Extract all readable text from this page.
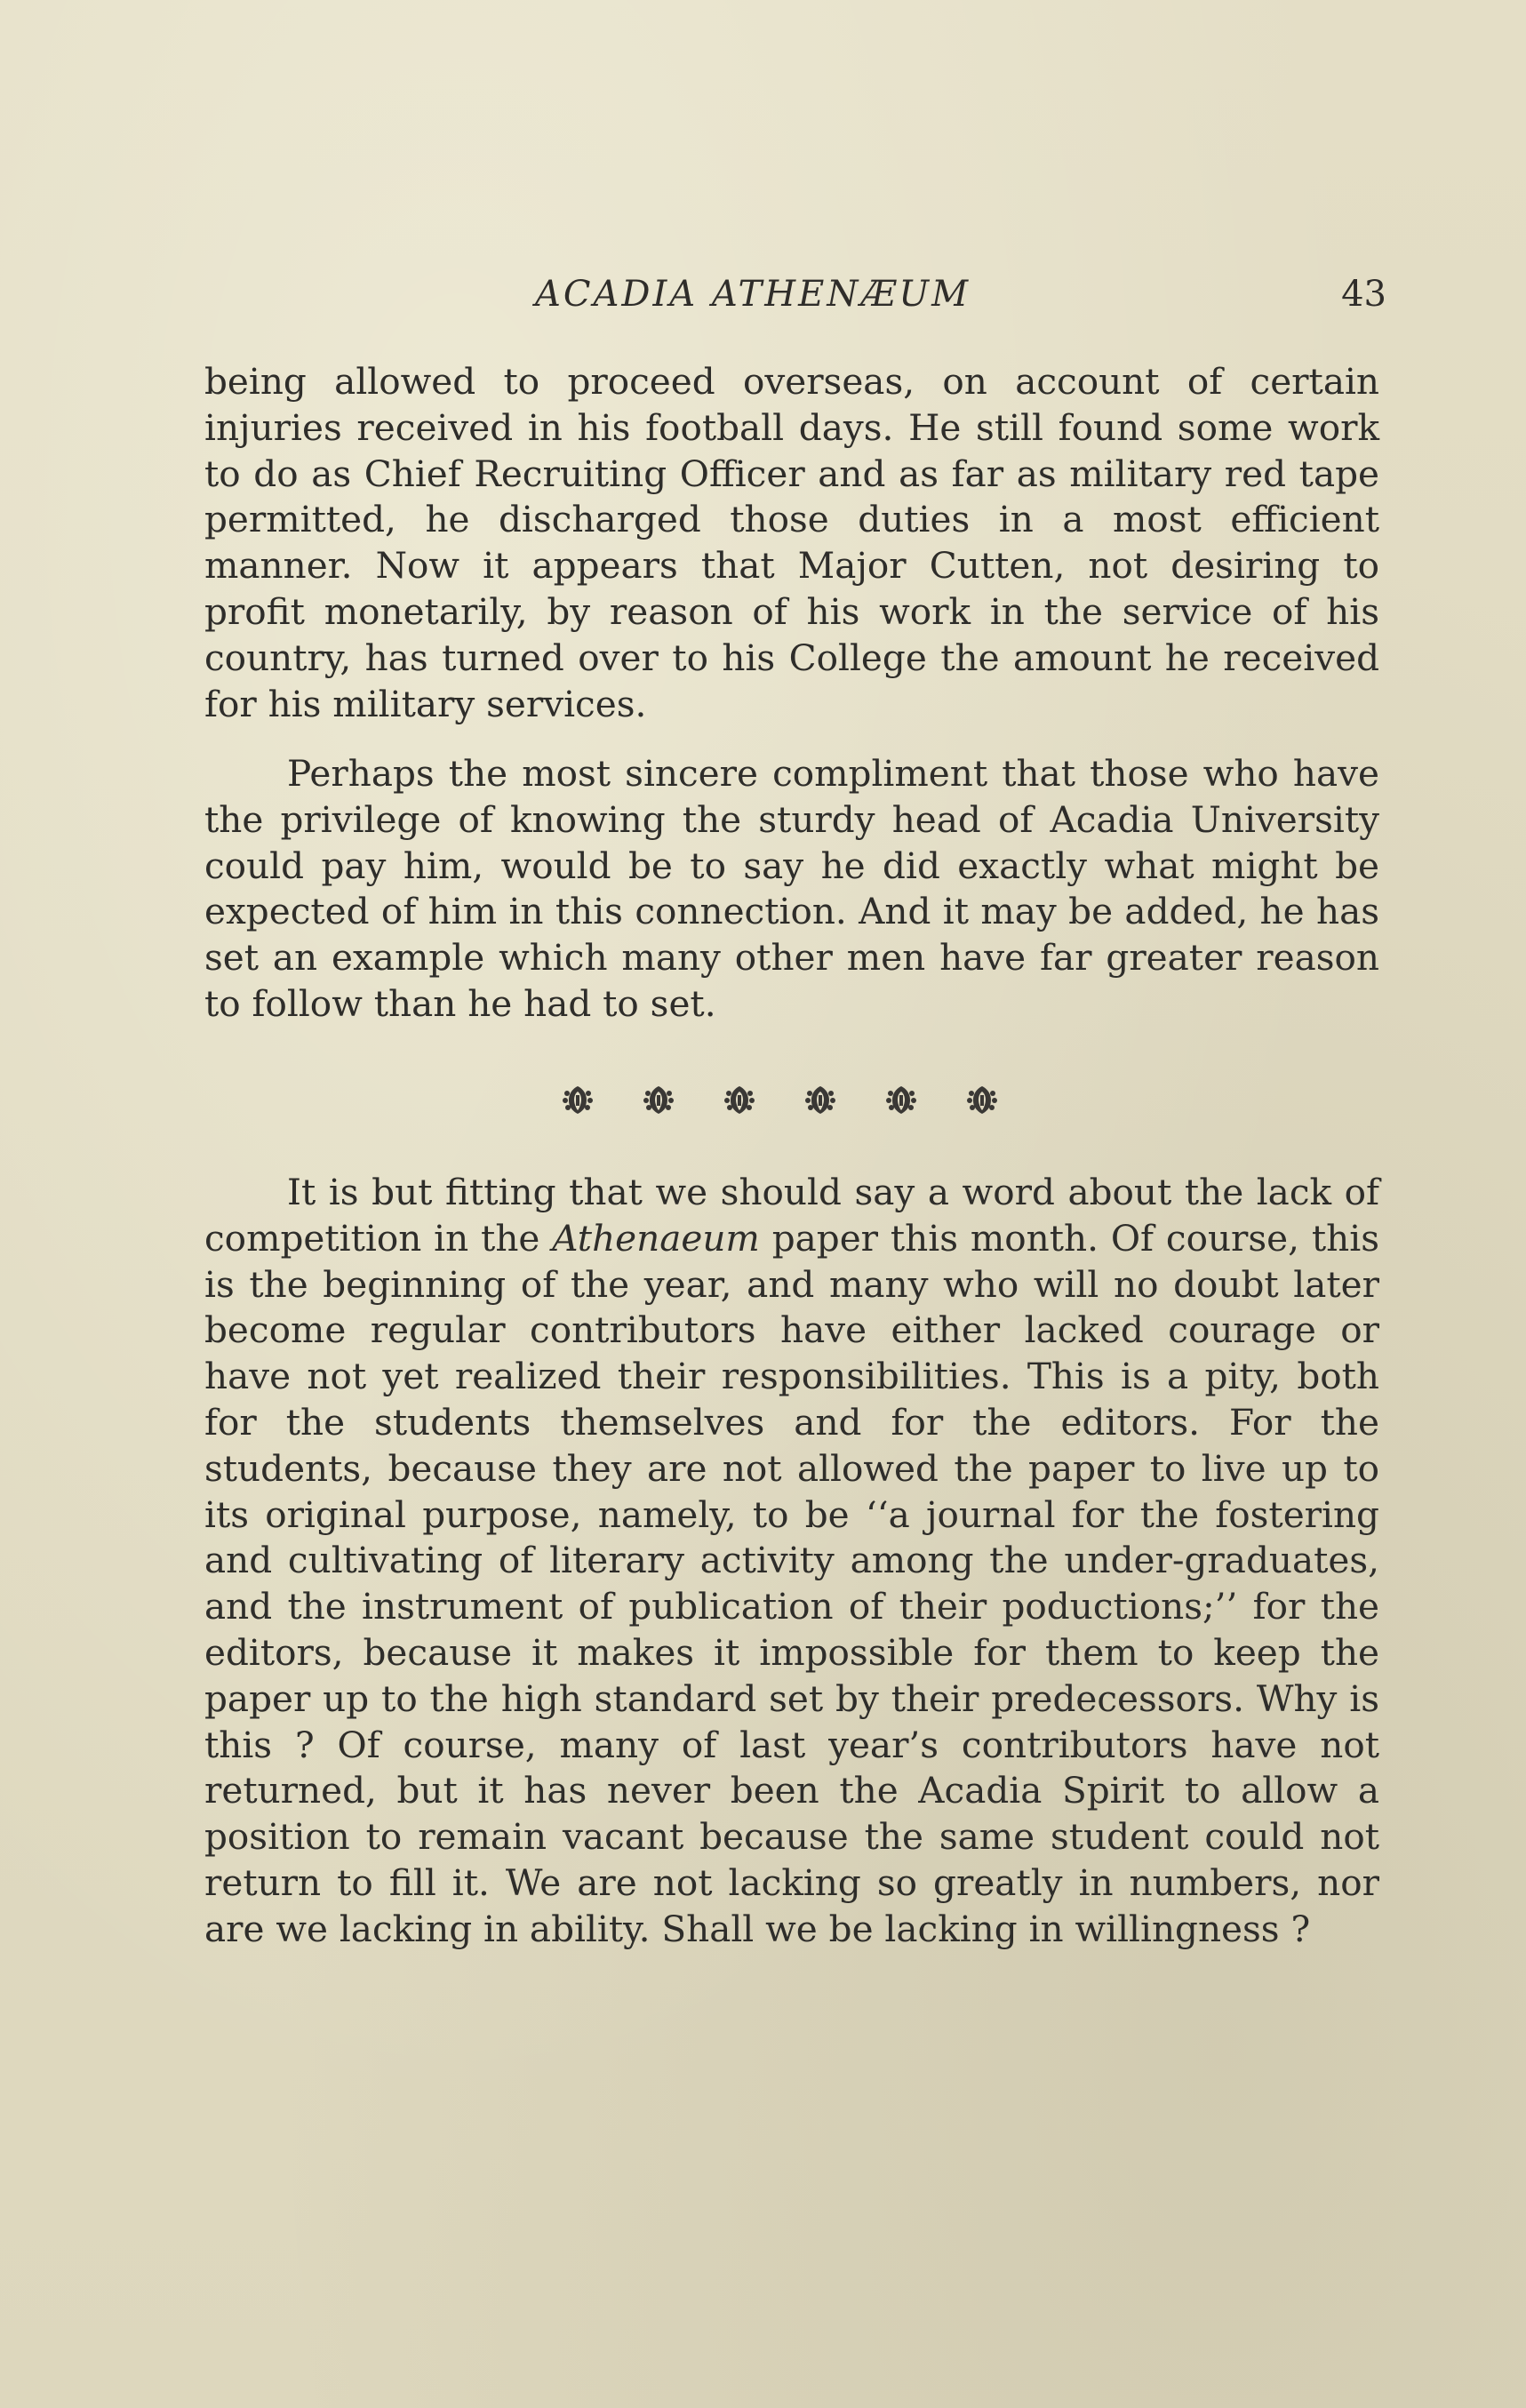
ACADIA ATHENÆUM	43

being allowed to proceed overseas, on account of certain injuries received in his football days. He still found some work to do as Chief Recruiting Officer and as far as military red tape permitted, he discharged those duties in a most efficient manner. Now it appears that Major Cutten, not desiring to profit monetarily, by reason of his work in the service of his country, has turned over to his College the amount he received for his military services.

Perhaps the most sincere compliment that those who have the privilege of knowing the sturdy head of Acadia University could pay him, would be to say he did exactly what might be expected of him in this connection. And it may be added, he has set an example which many other men have far greater reason to follow than he had to set.

It is but fitting that we should say a word about the lack of competition in the Athenaeum paper this month. Of course, this is the beginning of the year, and many who will no doubt later become regular contributors have either lacked courage or have not yet realized their responsibilities. This is a pity, both for the students themselves and for the editors. For the students, because they are not allowed the paper to live up to its original purpose, namely, to be ‘‘a journal for the fostering and cultivating of literary activity among the under-graduates, and the instrument of publication of their poductions;’’ for the editors, because it makes it impossible for them to keep the paper up to the high standard set by their predecessors. Why is this ? Of course, many of last year’s contributors have not returned, but it has never been the Acadia Spirit to allow a position to remain vacant because the same student could not return to fill it. We are not lacking so greatly in numbers, nor are we lacking in ability. Shall we be lacking in willingness ?
